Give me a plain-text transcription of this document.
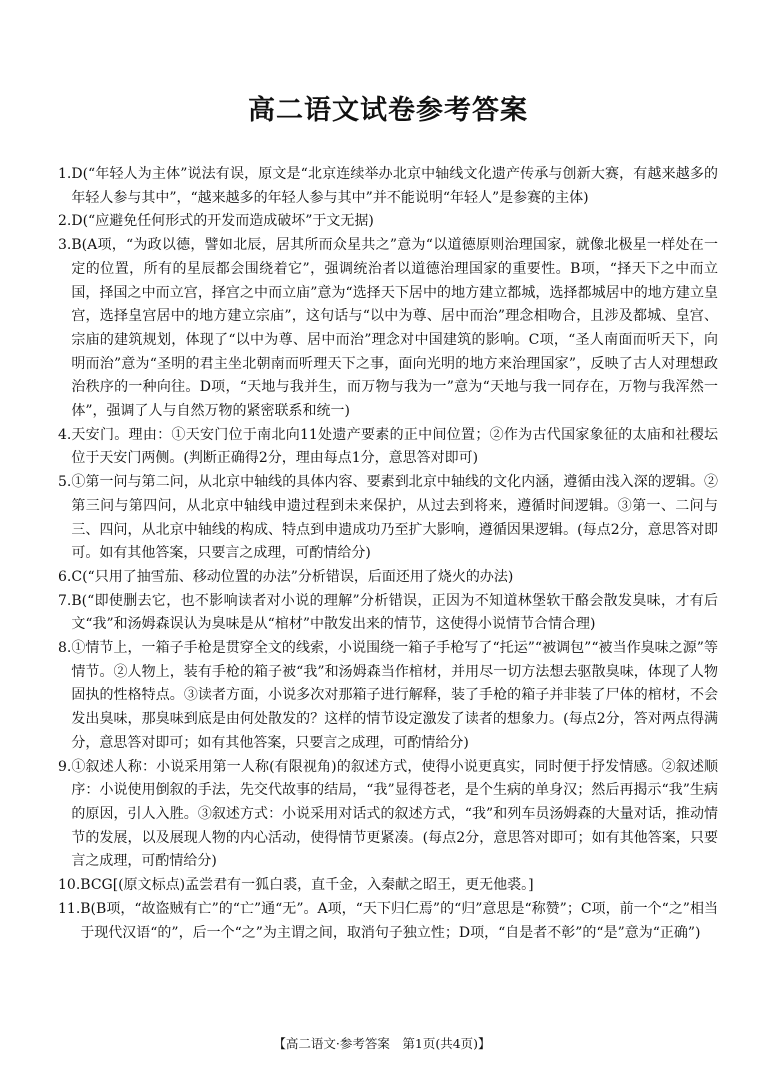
高二语文试卷参考答案
1. D(“年轻人为主体”说法有误，原文是“北京连续举办北京中轴线文化遗产传承与创新大赛，有越来越多的年轻人参与其中”，“越来越多的年轻人参与其中”并不能说明“年轻人”是参赛的主体)
2. D(“应避免任何形式的开发而造成破坏”于文无据)
3. B(A项，“为政以德，譬如北辰，居其所而众星共之”意为“以道德原则治理国家，就像北极星一样处在一定的位置，所有的星辰都会围绕着它”，强调统治者以道德治理国家的重要性。B项，“择天下之中而立国，择国之中而立宫，择宫之中而立庙”意为“选择天下居中的地方建立都城，选择都城居中的地方建立皇宫，选择皇宫居中的地方建立宗庙”，这句话与“以中为尊、居中而治”理念相吻合，且涉及都城、皇宫、宗庙的建筑规划，体现了“以中为尊、居中而治”理念对中国建筑的影响。C项，“圣人南面而听天下，向明而治”意为“圣明的君主坐北朝南而听理天下之事，面向光明的地方来治理国家”，反映了古人对理想政治秩序的一种向往。D项，“天地与我并生，而万物与我为一”意为“天地与我一同存在，万物与我浑然一体”，强调了人与自然万物的紧密联系和统一)
4. 天安门。理由：①天安门位于南北向11处遗产要素的正中间位置；②作为古代国家象征的太庙和社稷坛位于天安门两侧。(判断正确得2分，理由每点1分，意思答对即可)
5. ①第一问与第二问，从北京中轴线的具体内容、要素到北京中轴线的文化内涵，遵循由浅入深的逻辑。②第三问与第四问，从北京中轴线申遗过程到未来保护，从过去到将来，遵循时间逻辑。③第一、二问与三、四问，从北京中轴线的构成、特点到申遗成功乃至扩大影响，遵循因果逻辑。(每点2分，意思答对即可。如有其他答案，只要言之成理，可酌情给分)
6. C(“只用了抽雪茄、移动位置的办法”分析错误，后面还用了烧火的办法)
7. B(“即使删去它，也不影响读者对小说的理解”分析错误，正因为不知道林堡软干酪会散发臭味，才有后文“我”和汤姆森误认为臭味是从“棺材”中散发出来的情节，这使得小说情节合情合理)
8. ①情节上，一箱子手枪是贯穿全文的线索，小说围绕一箱子手枪写了“托运”“被调包”“被当作臭味之源”等情节。②人物上，装有手枪的箱子被“我”和汤姆森当作棺材，并用尽一切方法想去驱散臭味，体现了人物固执的性格特点。③读者方面，小说多次对那箱子进行解释，装了手枪的箱子并非装了尸体的棺材，不会发出臭味，那臭味到底是由何处散发的？这样的情节设定激发了读者的想象力。(每点2分，答对两点得满分，意思答对即可；如有其他答案，只要言之成理，可酌情给分)
9. ①叙述人称：小说采用第一人称(有限视角)的叙述方式，使得小说更真实，同时便于抒发情感。②叙述顺序：小说使用倒叙的手法，先交代故事的结局，“我”显得苍老，是个生病的单身汉；然后再揭示“我”生病的原因，引人入胜。③叙述方式：小说采用对话式的叙述方式，“我”和列车员汤姆森的大量对话，推动情节的发展，以及展现人物的内心活动，使得情节更紧凑。(每点2分，意思答对即可；如有其他答案，只要言之成理，可酌情给分)
10. BCG[(原文标点)孟尝君有一狐白裘，直千金，入秦献之昭王，更无他裘。]
11. B(B项，“故盗贼有亡”的“亡”通“无”。A项，“天下归仁焉”的“归”意思是“称赞”；C项，前一个“之”相当于现代汉语“的”，后一个“之”为主谓之间，取消句子独立性；D项，“自是者不彰”的“是”意为“正确”)
【高二语文·参考答案　第1页(共4页)】
